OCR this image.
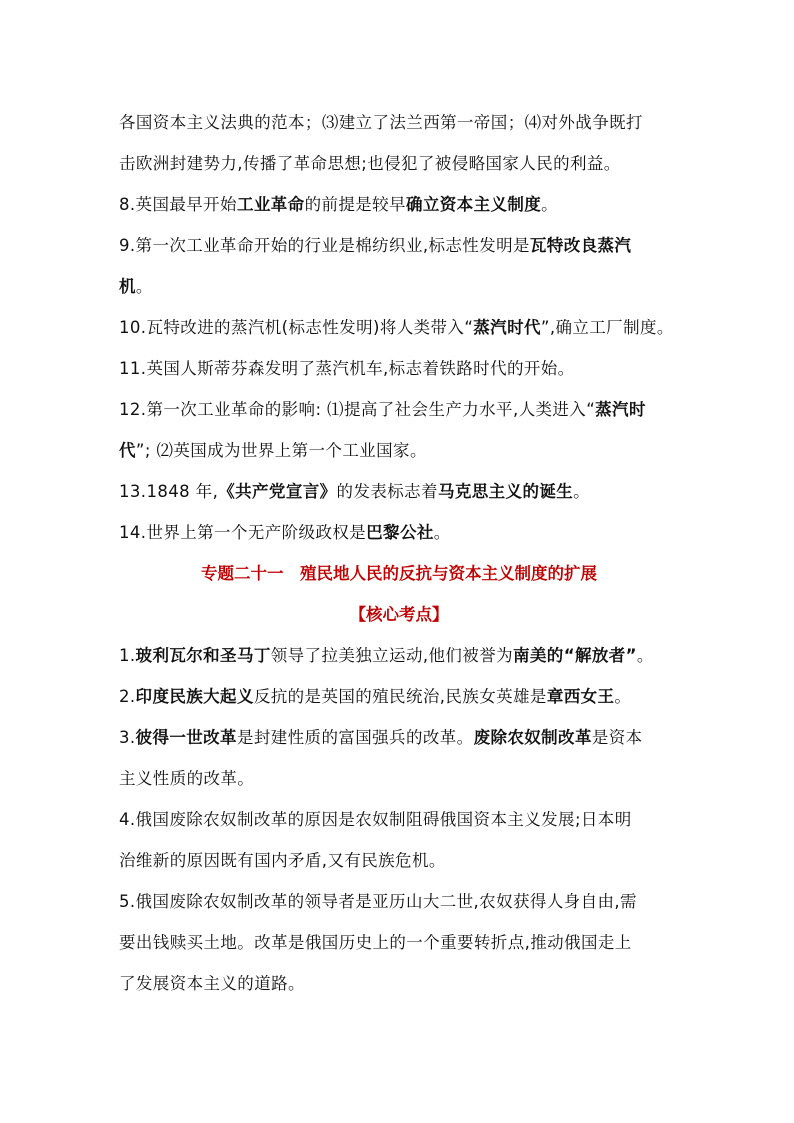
各国资本主义法典的范本；⑶建立了法兰西第一帝国；⑷对外战争既打
击欧洲封建势力,传播了革命思想;也侵犯了被侵略国家人民的利益。
8.英国最早开始工业革命的前提是较早确立资本主义制度。
9.第一次工业革命开始的行业是棉纺织业,标志性发明是瓦特改良蒸汽
机。
10.瓦特改进的蒸汽机(标志性发明)将人类带入“蒸汽时代”,确立工厂制度。
11.英国人斯蒂芬森发明了蒸汽机车,标志着铁路时代的开始。
12.第一次工业革命的影响: ⑴提高了社会生产力水平,人类进入“蒸汽时
代”; ⑵英国成为世界上第一个工业国家。
13.1848 年,《共产党宣言》的发表标志着马克思主义的诞生。
14.世界上第一个无产阶级政权是巴黎公社。
专题二十一　殖民地人民的反抗与资本主义制度的扩展
【核心考点】
1.玻利瓦尔和圣马丁领导了拉美独立运动,他们被誉为南美的“解放者”。
2.印度民族大起义反抗的是英国的殖民统治,民族女英雄是章西女王。
3.彼得一世改革是封建性质的富国强兵的改革。废除农奴制改革是资本
主义性质的改革。
4.俄国废除农奴制改革的原因是农奴制阻碍俄国资本主义发展;日本明
治维新的原因既有国内矛盾,又有民族危机。
5.俄国废除农奴制改革的领导者是亚历山大二世,农奴获得人身自由,需
要出钱赎买土地。改革是俄国历史上的一个重要转折点,推动俄国走上
了发展资本主义的道路。
